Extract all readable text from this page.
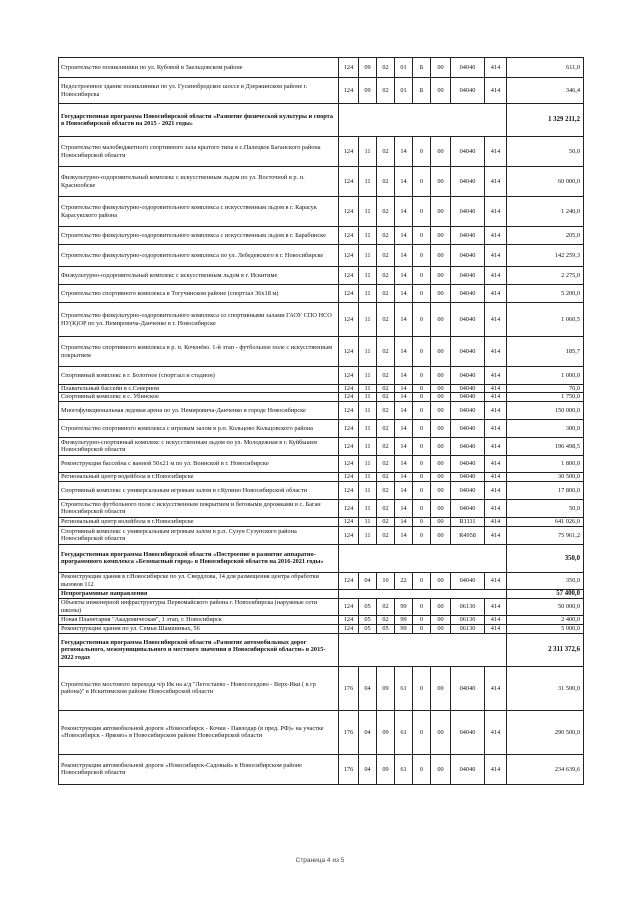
Строительство поликлиники по ул. Кубовой в Заельцовском районе	124	09	02	01	Б	00	04040	414	611,0
Недостроенное здание поликлиники по ул. Гусинобродское шоссе в Дзержинском районе г. Новосибирска	124	09	02	01	Б	00	04040	414	346,4
Государственная программа Новосибирской области «Развитие физической культуры и спорта в Новосибирской области на 2015 - 2021 годы»									1 329 211,2
Строительство малобюджетного спортивного зала крытого типа в с.Палецкое Баганского района Новосибирской области	124	11	02	14	0	00	04040	414	50,0
Физкультурно-оздоровительный комплекс с искусственным льдом по ул. Восточной в р. п. Краснообске	124	11	02	14	0	00	04040	414	60 000,0
Строительство физкультурно-оздоровительного комплекса с искусственным льдом в г. Карасук Карасукского района	124	11	02	14	0	00	04040	414	1 240,0
Строительство физкультурно-оздоровительного комплекса с искусственным льдом в г. Барабинске	124	11	02	14	0	00	04040	414	205,0
Строительство физкультурно-оздоровительного комплекса по ул. Лебедевского в г. Новосибирске	124	11	02	14	0	00	04040	414	142 259,3
Физкультурно-оздоровительный комплекс с искусственным льдом в г. Искитиме	124	11	02	14	0	00	04040	414	2 275,0
Строительство спортивного комплекса в Тогучинском районе (спортзал 36х18 м)	124	11	02	14	0	00	04040	414	5 200,0
Строительство физкультурно-оздоровительного комплекса со спортивными залами ГАОУ СПО НСО НУ(К)ОР по ул. Немировича-Данченко в г. Новосибирске	124	11	02	14	0	00	04040	414	1 060,5
Строительство спортивного комплекса в р. п. Коченёво. 1-й этап - футбольное поле с искусственным покрытием	124	11	02	14	0	00	04040	414	185,7
Спортивный комплекс в г. Болотное (спортзал и стадион)	124	11	02	14	0	00	04040	414	1 000,0
Плавательный бассейн в с.Северном	124	11	02	14	0	00	04040	414	70,0
Спортивный комплекс в с. Убинское	124	11	02	14	0	00	04040	414	1 750,0
Многофункциональная ледовая арена по ул. Немировича-Данченко в городе Новосибирске	124	11	02	14	0	00	04040	414	150 000,0
Строительство спортивного комплекса с игровым залом в р.п. Кольцово Кольцовского района	124	11	02	14	0	00	04040	414	300,0
Физкультурно-спортивный комплекс с искусственным льдом по ул. Молодежная в г. Куйбышев Новосибирской области	124	11	02	14	0	00	04040	414	196 498,5
Реконструкция бассейна с ванной 50х21 м по ул. Воинской в г. Новосибирске	124	11	02	14	0	00	04040	414	1 800,0
Региональный центр водейбола в г.Новосибирске	124	11	02	14	0	00	04040	414	30 500,0
Спортивный комплекс с универсальным игровым залом в г.Купино Новосибирской области	124	11	02	14	0	00	04040	414	17 800,0
Строительство футбольного поля с искусственным покрытием и беговыми дорожками в с. Баган Новосибирской области	124	11	02	14	0	00	04040	414	50,0
Региональный центр волейбола в г.Новосибирске	124	11	02	14	0	00	R1111	414	641 026,0
Спортивный комплекс с универсальным игровым залом в р.п. Сузун Сузунского района Новосибирской области	124	11	02	14	0	00	R4958	414	75 961,2
Государственная программа Новосибирской области «Построение и развитие аппаратно-программного комплекса «Безопасный город» в Новосибирской области на 2016-2021 годы»									350,0
Реконструкция здания в г.Новосибирске по ул. Свердлова, 14 для размещения центра обработки вызовов 112	124	04	10	22	0	00	04040	414	350,0
Непрограммные направления									57 400,0
Объекты инженерной инфраструктуры Первомайского района г. Новосибирска (наружные сети школы)	124	05	02	99	0	00	06130	414	50 000,0
Новая Планетария "Академическая", 1 этап, г. Новосибирск	124	05	02	99	0	00	06130	414	2 400,0
Реконструкция здания по ул. Семьи Шамшиных, 56	124	05	05	99	0	00	06130	414	5 000,0
Государственная программа Новосибирской области «Развитие автомобильных дорог регионального, межмуниципального и местного значения в Новосибирской области» в 2015-2022 годах									2 311 372,6
Строительство мостового перехода ч/р Ик на а/д "Легостаево - Новососедово - Верх-Ики ( в гр района)" в Искитимском районе Новосибирской области	176	04	09	61	0	00	04040	414	31 500,0
Реконструкция автомобильной дороги «Новосибирск - Кочки - Павлодар (в пред. РФ)» на участке «Новосибирск - Ярково» в Новосибирском районе Новосибирской области	176	04	09	61	0	00	04040	414	290 500,0
Реконструкция автомобильной дороги «Новосибирск-Садовый» в Новосибирском районе Новосибирской области	176	04	09	61	0	00	04040	414	234 639,6
Страница 4 из 5
